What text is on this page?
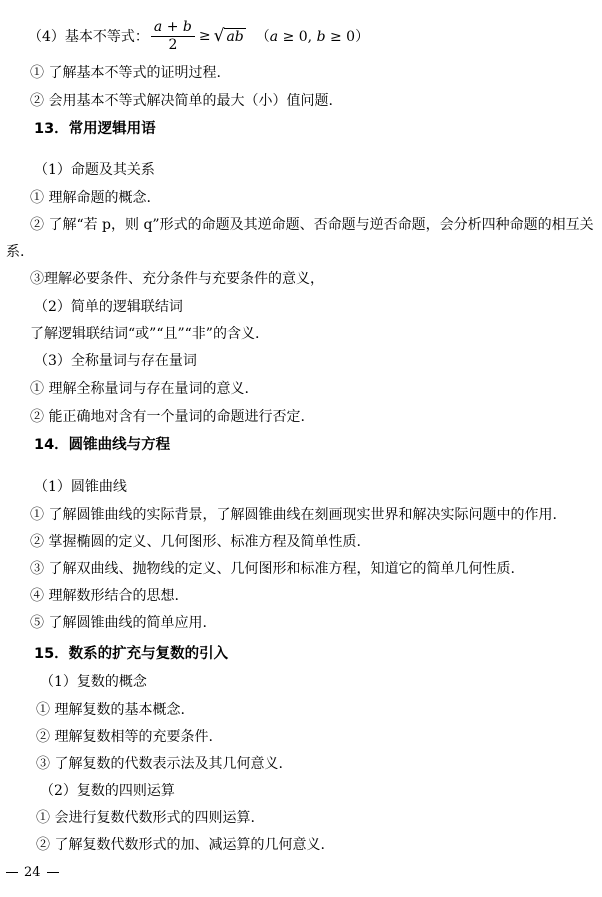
（4）基本不等式： $\frac{a + b}{2}$ ≥ √ ab （a ≥ 0, b ≥ 0）
① 了解基本不等式的证明过程.
② 会用基本不等式解决简单的最大（小）值问题.
13．常用逻辑用语
（1）命题及其关系
① 理解命题的概念.
② 了解“若 p，则 q”形式的命题及其逆命题、否命题与逆否命题，会分析四种命题的相互关
系.
③理解必要条件、充分条件与充要条件的意义，
（2）简单的逻辑联结词
了解逻辑联结词“或”“且”“非”的含义.
（3）全称量词与存在量词
① 理解全称量词与存在量词的意义.
② 能正确地对含有一个量词的命题进行否定.
14．圆锥曲线与方程
（1）圆锥曲线
① 了解圆锥曲线的实际背景，了解圆锥曲线在刻画现实世界和解决实际问题中的作用.
② 掌握椭圆的定义、几何图形、标准方程及简单性质.
③ 了解双曲线、抛物线的定义、几何图形和标准方程，知道它的简单几何性质.
④ 理解数形结合的思想.
⑤ 了解圆锥曲线的简单应用.
15．数系的扩充与复数的引入
（1）复数的概念
① 理解复数的基本概念.
② 理解复数相等的充要条件.
③ 了解复数的代数表示法及其几何意义.
（2）复数的四则运算
① 会进行复数代数形式的四则运算.
② 了解复数代数形式的加、减运算的几何意义.
24
